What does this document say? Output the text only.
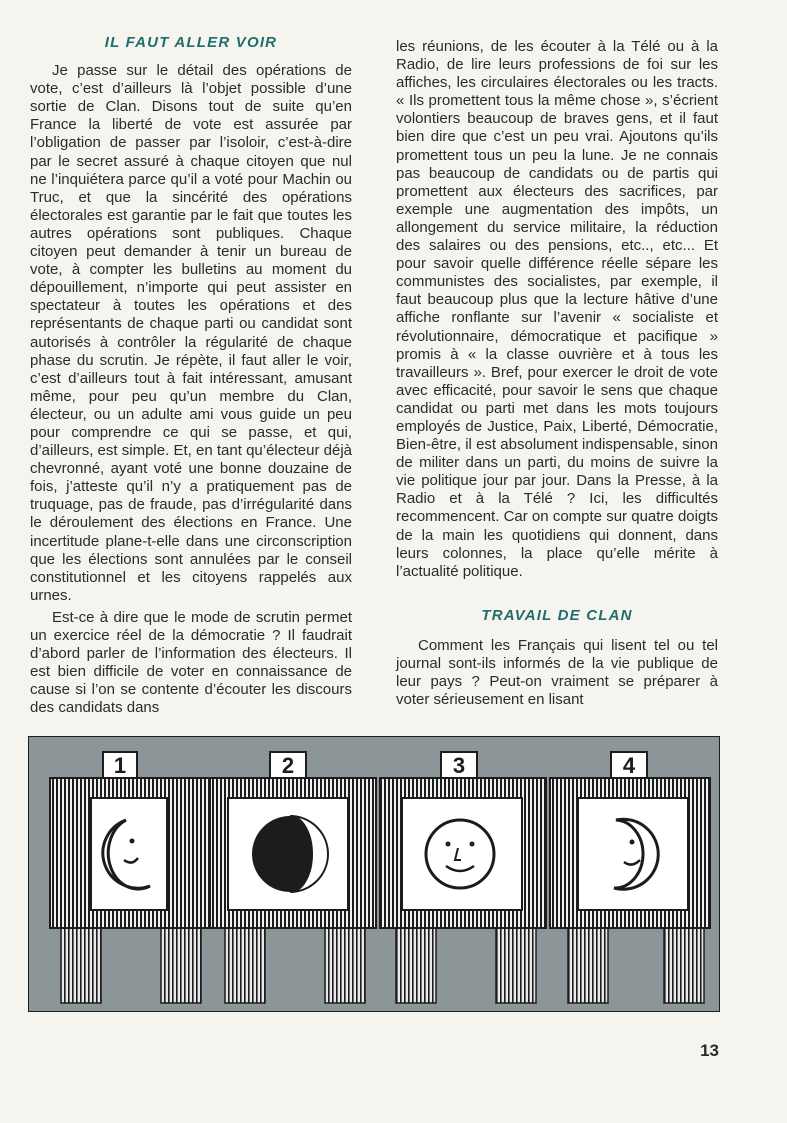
IL FAUT ALLER VOIR

Je passe sur le détail des opérations de vote, c’est d’ailleurs là l’objet possible d’une sortie de Clan. Disons tout de suite qu’en France la liberté de vote est assurée par l’obligation de passer par l’isoloir, c’est-à-dire par le secret assuré à chaque citoyen que nul ne l’inquiétera parce qu’il a voté pour Machin ou Truc, et que la sincérité des opérations électorales est garantie par le fait que toutes les autres opérations sont publiques. Chaque citoyen peut demander à tenir un bureau de vote, à compter les bulletins au moment du dépouillement, n’importe qui peut assister en spectateur à toutes les opérations et des représentants de chaque parti ou candidat sont autorisés à contrôler la régularité de chaque phase du scrutin. Je répète, il faut aller le voir, c’est d’ailleurs tout à fait intéressant, amusant même, pour peu qu’un membre du Clan, électeur, ou un adulte ami vous guide un peu pour comprendre ce qui se passe, et qui, d’ailleurs, est simple. Et, en tant qu’électeur déjà chevronné, ayant voté une bonne douzaine de fois, j’atteste qu’il n’y a pratiquement pas de truquage, pas de fraude, pas d’irrégularité dans le déroulement des élections en France. Une incertitude plane-t-elle dans une circonscription que les élections sont annulées par le conseil constitutionnel et les citoyens rappelés aux urnes.

Est-ce à dire que le mode de scrutin permet un exercice réel de la démocratie ? Il faudrait d’abord parler de l’information des électeurs. Il est bien difficile de voter en connaissance de cause si l’on se contente d’écouter les discours des candidats dans

les réunions, de les écouter à la Télé ou à la Radio, de lire leurs professions de foi sur les affiches, les circulaires électorales ou les tracts. « Ils promettent tous la même chose », s’écrient volontiers beaucoup de braves gens, et il faut bien dire que c’est un peu vrai. Ajoutons qu’ils promettent tous un peu la lune. Je ne connais pas beaucoup de candidats ou de partis qui promettent aux électeurs des sacrifices, par exemple une augmentation des impôts, un allongement du service militaire, la réduction des salaires ou des pensions, etc.., etc... Et pour savoir quelle différence réelle sépare les communistes des socialistes, par exemple, il faut beaucoup plus que la lecture hâtive d’une affiche ronflante sur l’avenir « socialiste et révolutionnaire, démocratique et pacifique » promis à « la classe ouvrière et à tous les travailleurs ». Bref, pour exercer le droit de vote avec efficacité, pour savoir le sens que chaque candidat ou parti met dans les mots toujours employés de Justice, Paix, Liberté, Démocratie, Bien-être, il est absolument indispensable, sinon de militer dans un parti, du moins de suivre la vie politique jour par jour. Dans la Presse, à la Radio et à la Télé ? Ici, les difficultés recommencent. Car on compte sur quatre doigts de la main les quotidiens qui donnent, dans leurs colonnes, la place qu’elle mérite à l’actualité politique.

TRAVAIL DE CLAN

Comment les Français qui lisent tel ou tel journal sont-ils informés de la vie publique de leur pays ? Peut-on vraiment se préparer à voter sérieusement en lisant

1	2	3	4
13
